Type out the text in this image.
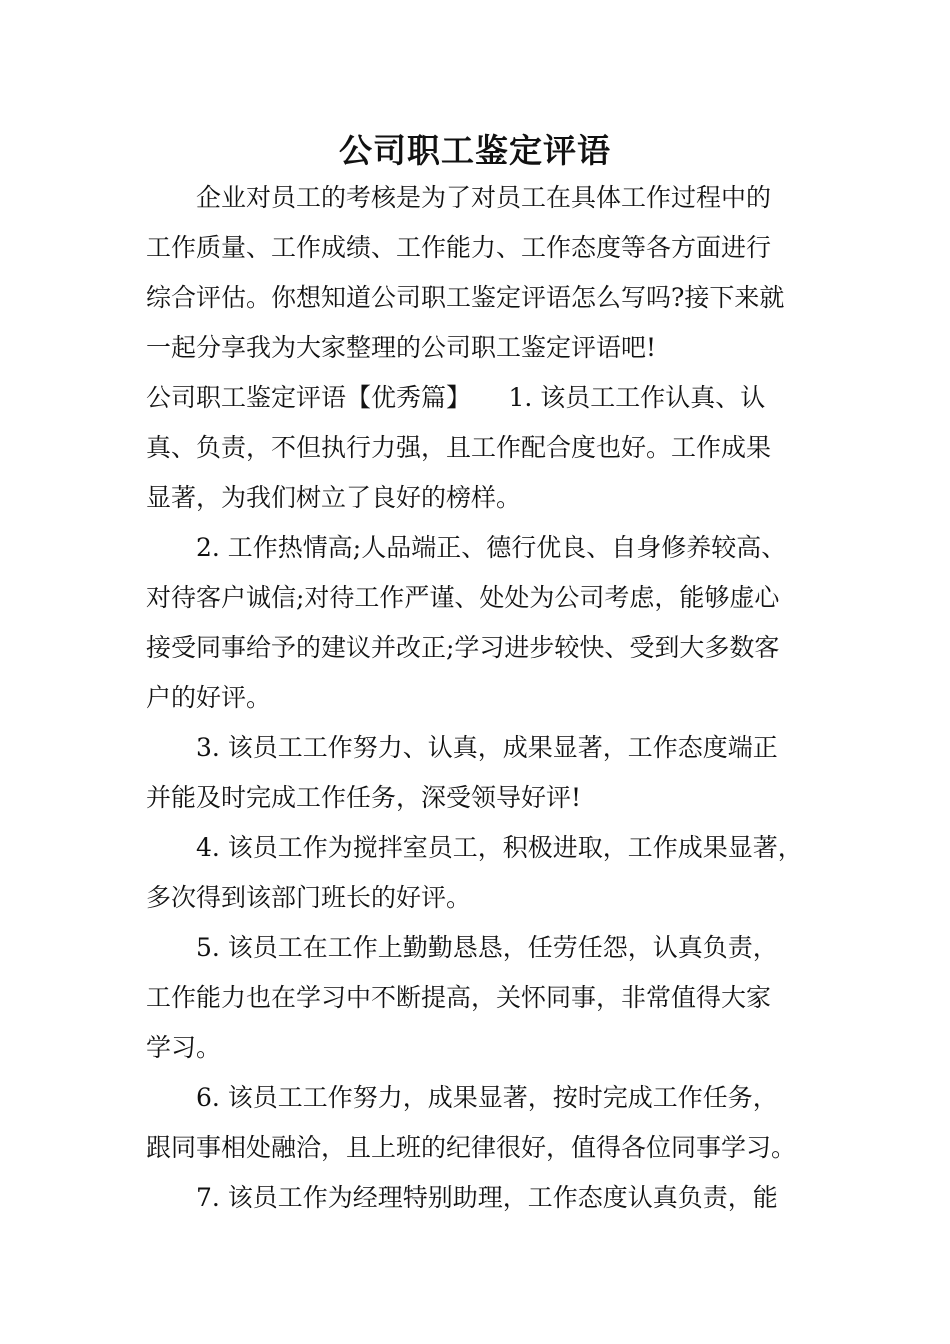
公司职工鉴定评语
企业对员工的考核是为了对员工在具体工作过程中的
工作质量、工作成绩、工作能力、工作态度等各方面进行
综合评估。你想知道公司职工鉴定评语怎么写吗?接下来就
一起分享我为大家整理的公司职工鉴定评语吧!
公司职工鉴定评语【优秀篇】　　1. 该员工工作认真、认
真、负责，不但执行力强，且工作配合度也好。工作成果
显著，为我们树立了良好的榜样。
2. 工作热情高;人品端正、德行优良、自身修养较高、
对待客户诚信;对待工作严谨、处处为公司考虑，能够虚心
接受同事给予的建议并改正;学习进步较快、受到大多数客
户的好评。
3. 该员工工作努力、认真，成果显著，工作态度端正
并能及时完成工作任务，深受领导好评!
4. 该员工作为搅拌室员工，积极进取，工作成果显著，
多次得到该部门班长的好评。
5. 该员工在工作上勤勤恳恳，任劳任怨，认真负责，
工作能力也在学习中不断提高，关怀同事，非常值得大家
学习。
6. 该员工工作努力，成果显著，按时完成工作任务，
跟同事相处融洽，且上班的纪律很好，值得各位同事学习。
7. 该员工作为经理特别助理，工作态度认真负责，能
